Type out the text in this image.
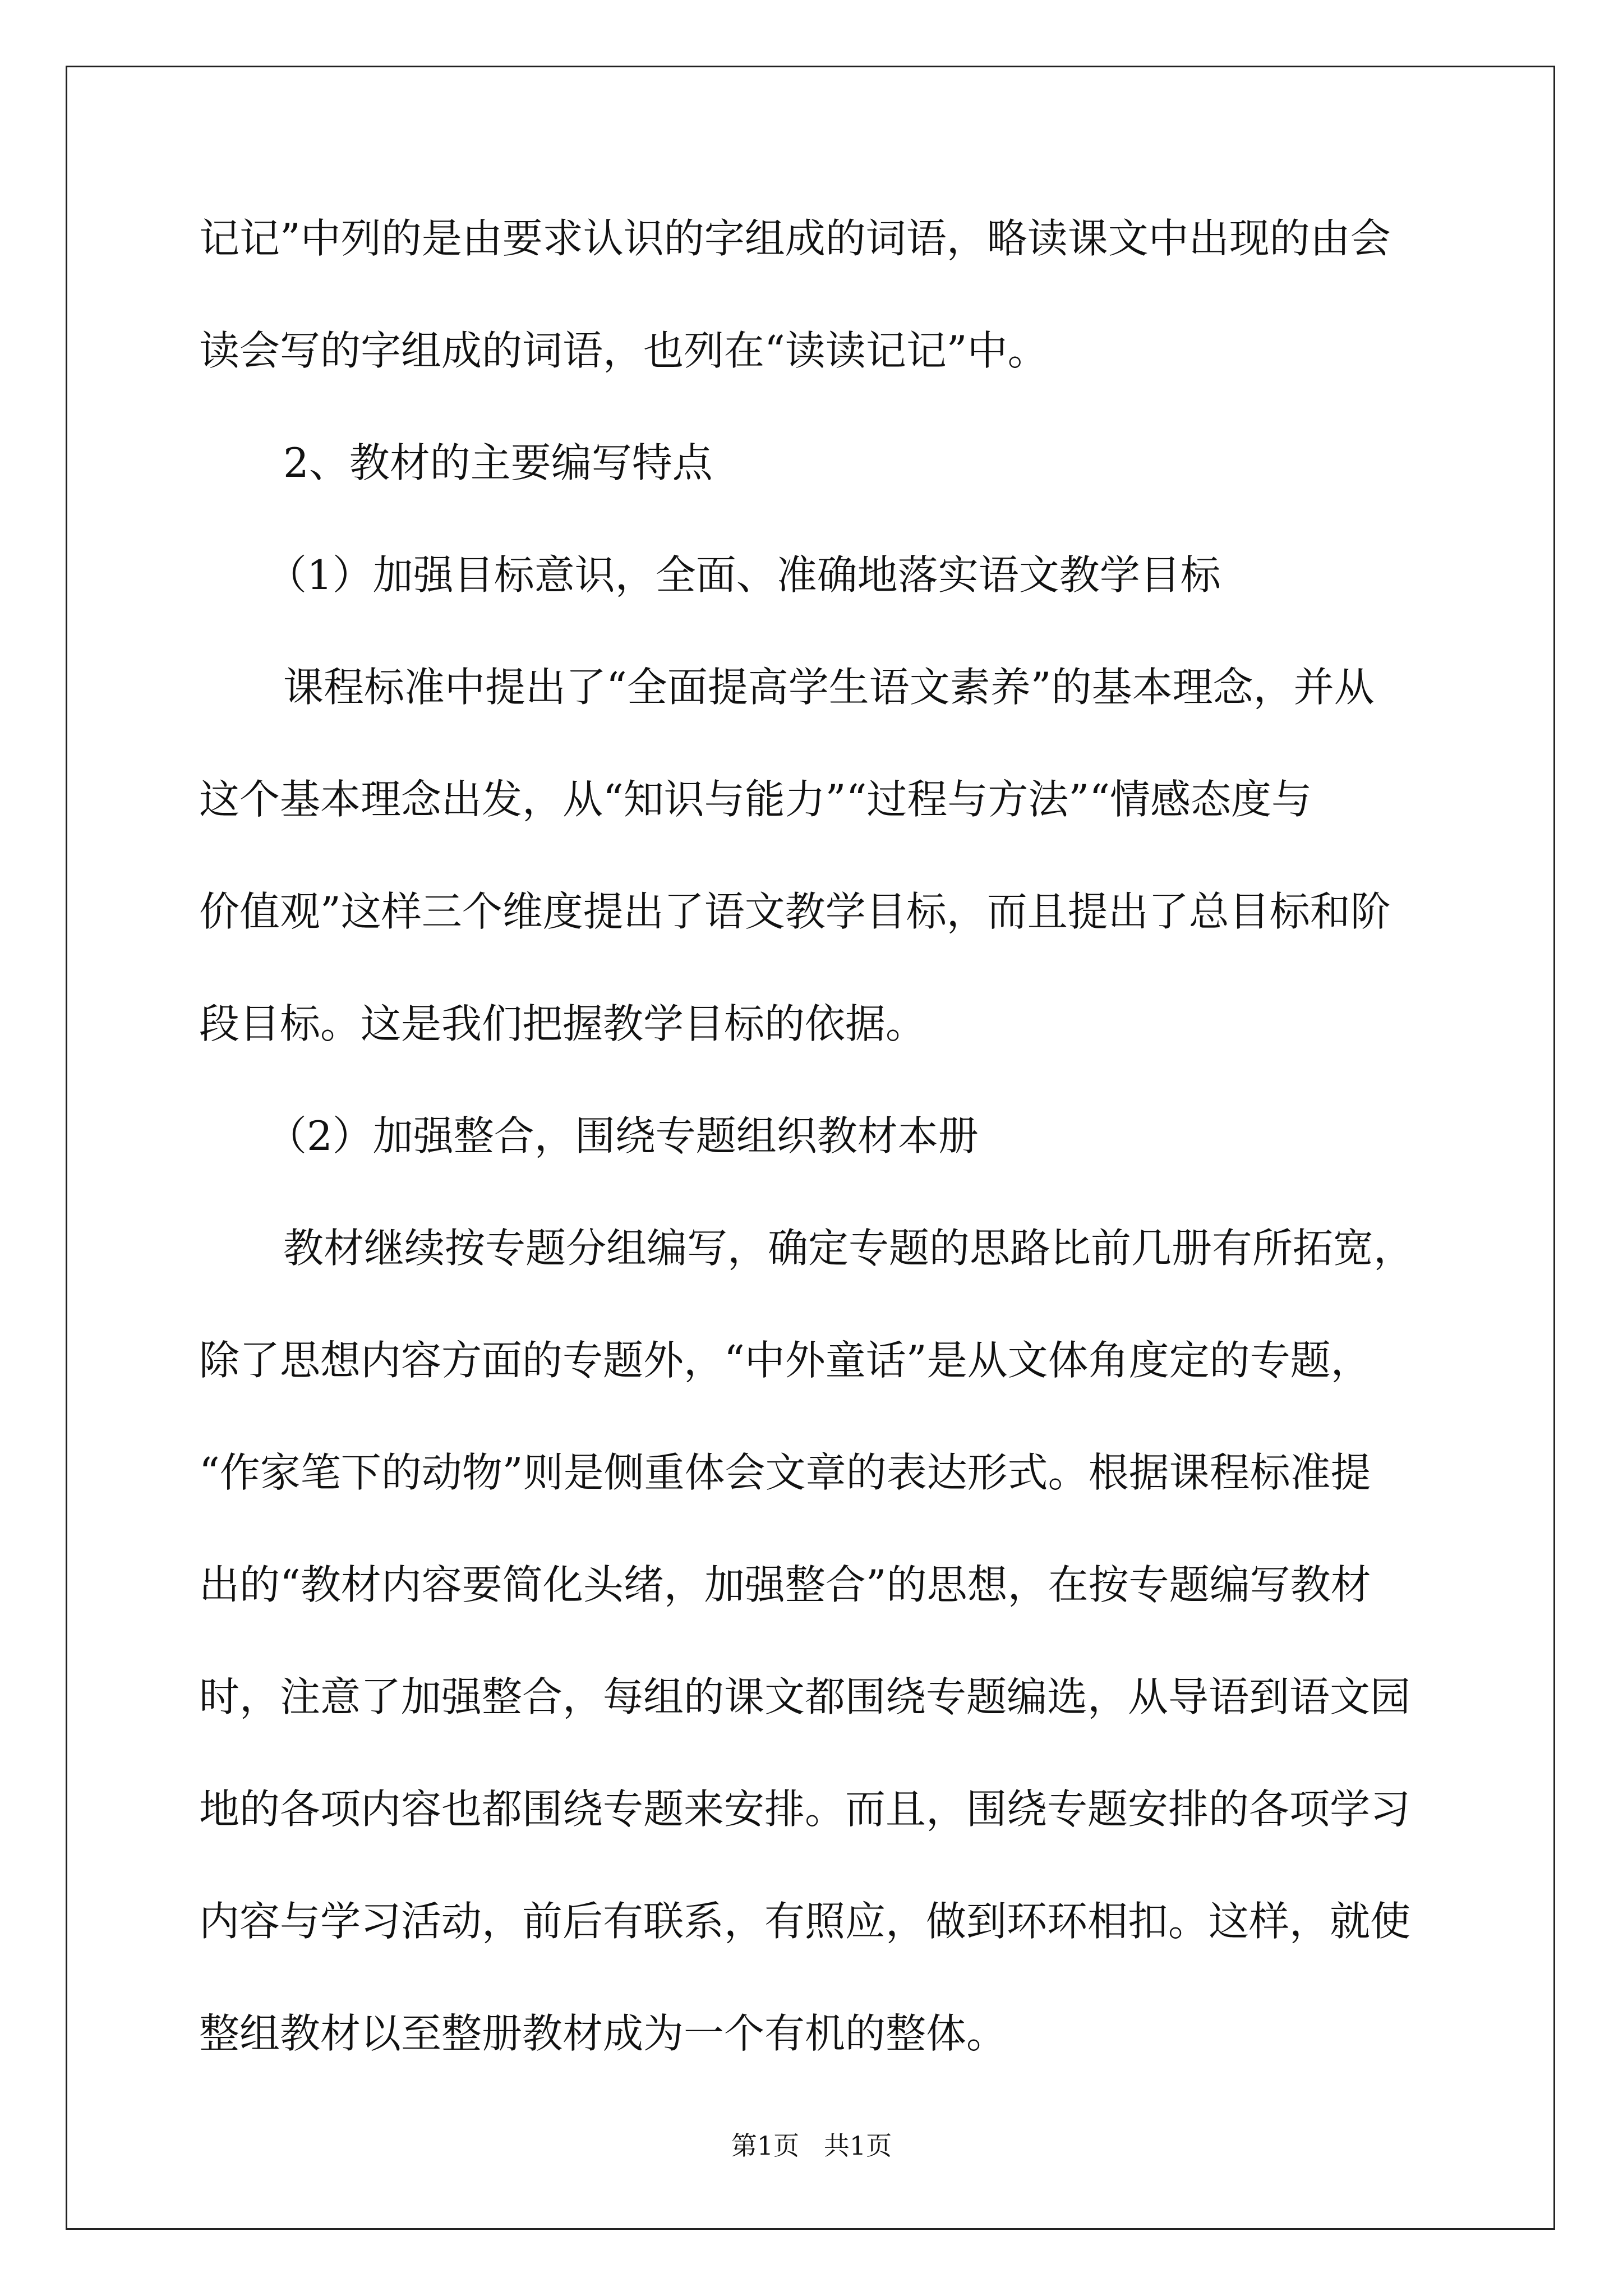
记记”中列的是由要求认识的字组成的词语，略读课文中出现的由会
读会写的字组成的词语，也列在“读读记记”中。
2、教材的主要编写特点
（1）加强目标意识，全面、准确地落实语文教学目标
课程标准中提出了“全面提高学生语文素养”的基本理念，并从
这个基本理念出发，从“知识与能力”“过程与方法”“情感态度与
价值观”这样三个维度提出了语文教学目标，而且提出了总目标和阶
段目标。这是我们把握教学目标的依据。
（2）加强整合，围绕专题组织教材本册
教材继续按专题分组编写，确定专题的思路比前几册有所拓宽，
除了思想内容方面的专题外，“中外童话”是从文体角度定的专题，
“作家笔下的动物”则是侧重体会文章的表达形式。根据课程标准提
出的“教材内容要简化头绪，加强整合”的思想，在按专题编写教材
时，注意了加强整合，每组的课文都围绕专题编选，从导语到语文园
地的各项内容也都围绕专题来安排。而且，围绕专题安排的各项学习
内容与学习活动，前后有联系，有照应，做到环环相扣。这样，就使
整组教材以至整册教材成为一个有机的整体。
第1页   共1页
